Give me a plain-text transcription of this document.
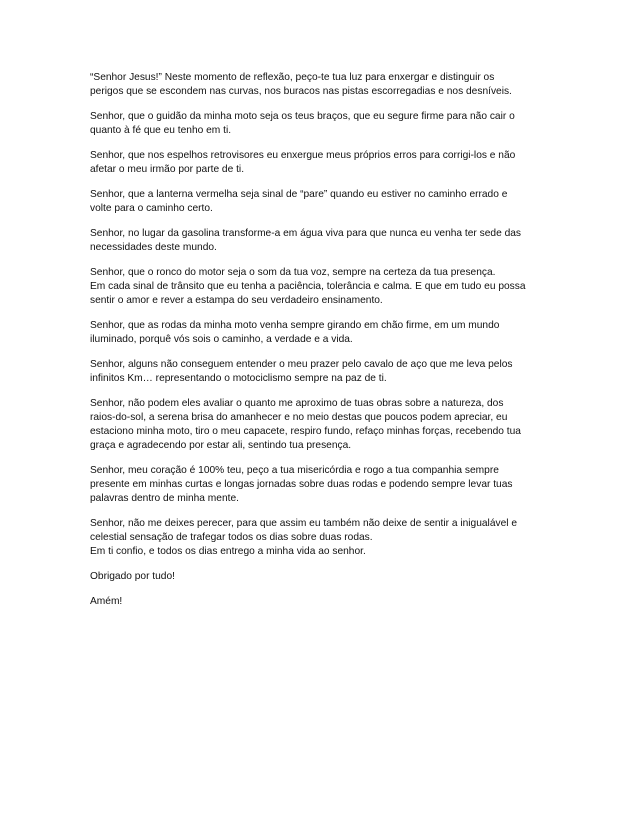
“Senhor Jesus!” Neste momento de reflexão, peço-te tua luz para enxergar e distinguir os
perigos que se escondem nas curvas, nos buracos nas pistas escorregadias e nos desníveis.

Senhor, que o guidão da minha moto seja os teus braços, que eu segure firme para não cair o
quanto à fé que eu tenho em ti.

Senhor, que nos espelhos retrovisores eu enxergue meus próprios erros para corrigi-los e não
afetar o meu irmão por parte de ti.

Senhor, que a lanterna vermelha seja sinal de “pare” quando eu estiver no caminho errado e
volte para o caminho certo.

Senhor, no lugar da gasolina transforme-a em água viva para que nunca eu venha ter sede das
necessidades deste mundo.

Senhor, que o ronco do motor seja o som da tua voz, sempre na certeza da tua presença.
Em cada sinal de trânsito que eu tenha a paciência, tolerância e calma. E que em tudo eu possa
sentir o amor e rever a estampa do seu verdadeiro ensinamento.

Senhor, que as rodas da minha moto venha sempre girando em chão firme, em um mundo
iluminado, porquê vós sois o caminho, a verdade e a vida.

Senhor, alguns não conseguem entender o meu prazer pelo cavalo de aço que me leva pelos
infinitos Km… representando o motociclismo sempre na paz de ti.

Senhor, não podem eles avaliar o quanto me aproximo de tuas obras sobre a natureza, dos
raios-do-sol, a serena brisa do amanhecer e no meio destas que poucos podem apreciar, eu
estaciono minha moto, tiro o meu capacete, respiro fundo, refaço minhas forças, recebendo tua
graça e agradecendo por estar ali, sentindo tua presença.

Senhor, meu coração é 100% teu, peço a tua misericórdia e rogo a tua companhia sempre
presente em minhas curtas e longas jornadas sobre duas rodas e podendo sempre levar tuas
palavras dentro de minha mente.

Senhor, não me deixes perecer, para que assim eu também não deixe de sentir a inigualável e
celestial sensação de trafegar todos os dias sobre duas rodas.
Em ti confio, e todos os dias entrego a minha vida ao senhor.

Obrigado por tudo!

Amém!
